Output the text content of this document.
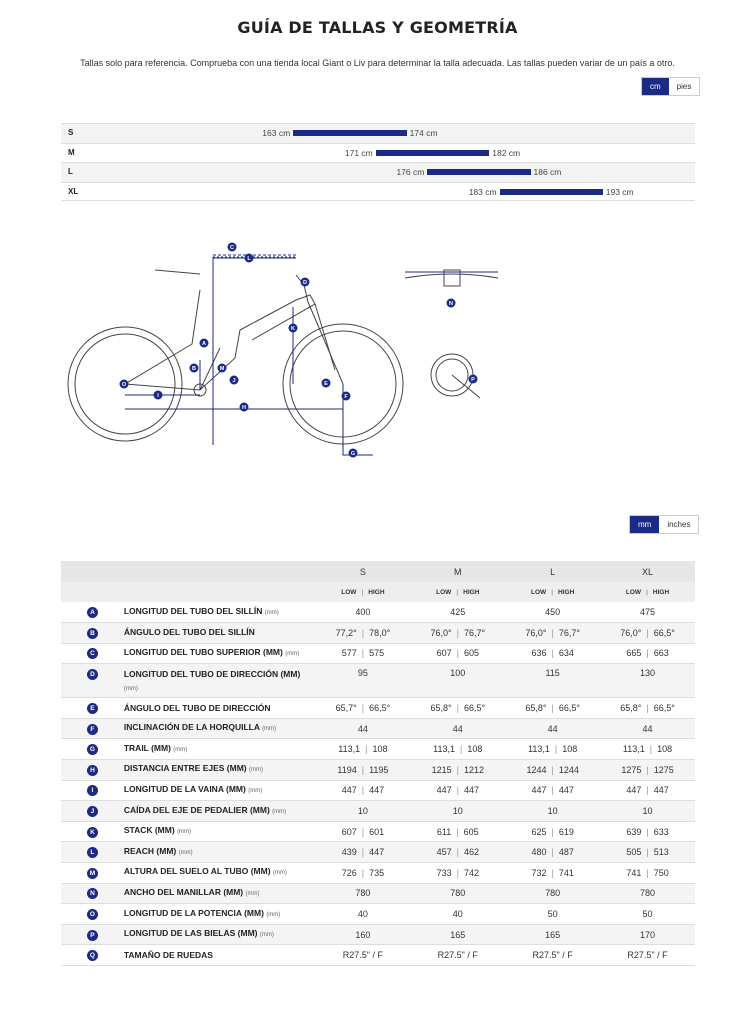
GUÍA DE TALLAS Y GEOMETRÍA
Tallas solo para referencia. Comprueba con una tienda local Giant o Liv para determinar la talla adecuada. Las tallas pueden variar de un país a otro.
cm	pies
S	163 cm	174 cm
M	171 cm	182 cm
L	176 cm	186 cm
XL	183 cm	193 cm
A
B
C
D
E
F
G
H
I
J
K
L
M
N
O
P
mm	inches
		S	M	L	XL
		LOW | HIGH	LOW | HIGH	LOW | HIGH	LOW | HIGH
A	LONGITUD DEL TUBO DEL SILLÍN (mm)	400	425	450	475
B	ÁNGULO DEL TUBO DEL SILLÍN	77,2° | 78,0°	76,0° | 76,7°	76,0° | 76,7°	76,0° | 66,5°
C	LONGITUD DEL TUBO SUPERIOR (MM) (mm)	577 | 575	607 | 605	636 | 634	665 | 663
D	LONGITUD DEL TUBO DE DIRECCIÓN (MM) (mm)	95	100	115	130
E	ÁNGULO DEL TUBO DE DIRECCIÓN	65,7° | 66,5°	65,8° | 66,5°	65,8° | 66,5°	65,8° | 66,5°
F	INCLINACIÓN DE LA HORQUILLA (mm)	44	44	44	44
G	TRAIL (MM) (mm)	113,1 | 108	113,1 | 108	113,1 | 108	113,1 | 108
H	DISTANCIA ENTRE EJES (MM) (mm)	1194 | 1195	1215 | 1212	1244 | 1244	1275 | 1275
I	LONGITUD DE LA VAINA (MM) (mm)	447 | 447	447 | 447	447 | 447	447 | 447
J	CAÍDA DEL EJE DE PEDALIER (MM) (mm)	10	10	10	10
K	STACK (MM) (mm)	607 | 601	611 | 605	625 | 619	639 | 633
L	REACH (MM) (mm)	439 | 447	457 | 462	480 | 487	505 | 513
M	ALTURA DEL SUELO AL TUBO (MM) (mm)	726 | 735	733 | 742	732 | 741	741 | 750
N	ANCHO DEL MANILLAR (MM) (mm)	780	780	780	780
O	LONGITUD DE LA POTENCIA (MM) (mm)	40	40	50	50
P	LONGITUD DE LAS BIELAS (MM) (mm)	160	165	165	170
Q	TAMAÑO DE RUEDAS	R27.5" / F	R27.5" / F	R27.5" / F	R27.5" / F
